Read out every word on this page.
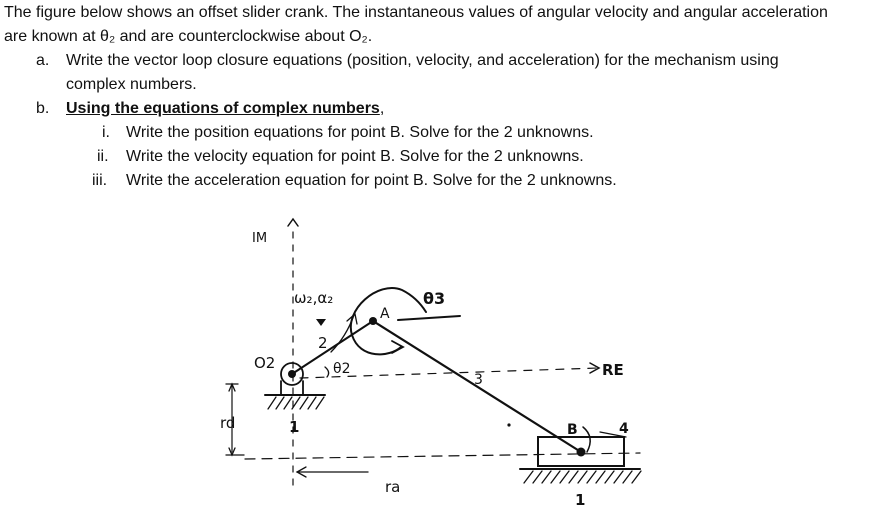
The figure below shows an offset slider crank. The instantaneous values of angular velocity and angular acceleration
are known at θ₂ and are counterclockwise about O₂.
a. Write the vector loop closure equations (position, velocity, and acceleration) for the mechanism using
complex numbers.
b. Using the equations of complex numbers,
i. Write the position equations for point B. Solve for the 2 unknowns.
ii. Write the velocity equation for point B. Solve for the 2 unknowns.
iii. Write the acceleration equation for point B. Solve for the 2 unknowns.
IM
RE
O2
ω₂,α₂
2
θ2
θ3
A
3
B	4
1
1
rd
ra
